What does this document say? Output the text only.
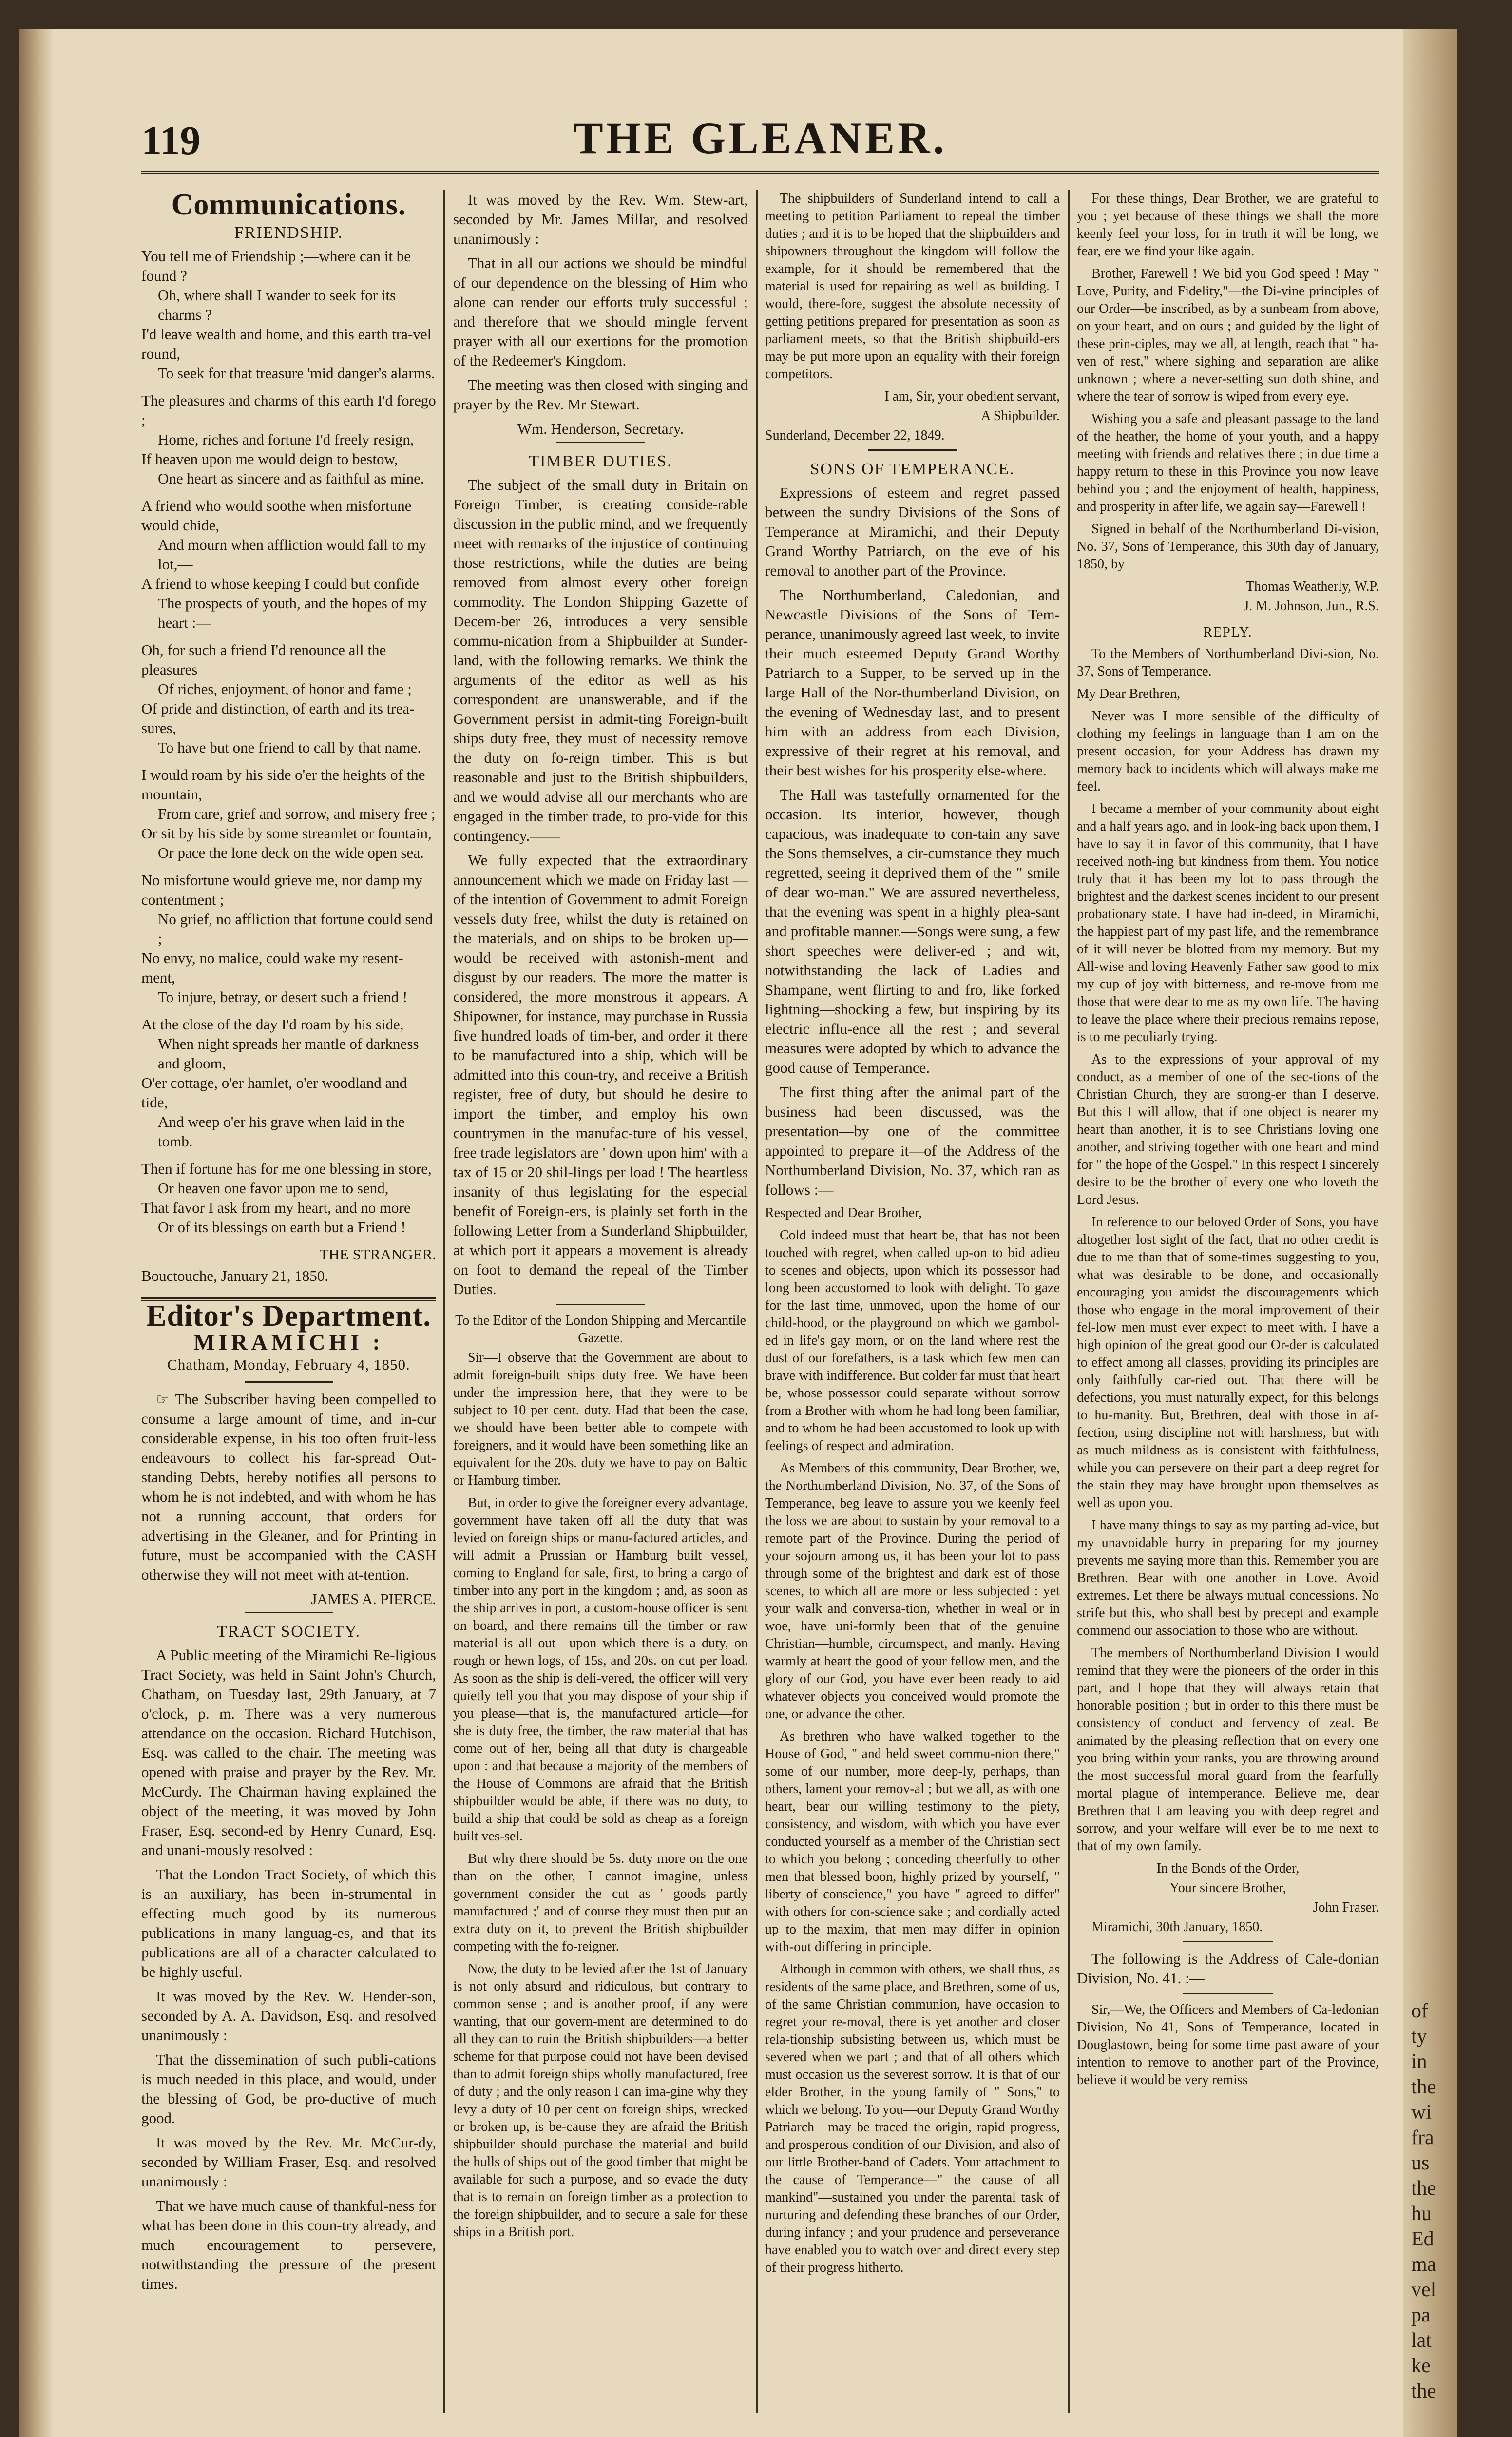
of
ty
in
the
wi
fra
us
the
hu
Ed
ma
vel
pa
lat
ke
the
119	THE GLEANER.
Communications.
FRIENDSHIP.

You tell me of Friendship ;—where can it be found ?

Oh, where shall I wander to seek for its charms ?

I'd leave wealth and home, and this earth tra-vel round,

To seek for that treasure 'mid danger's alarms.

The pleasures and charms of this earth I'd forego ;

Home, riches and fortune I'd freely resign,

If heaven upon me would deign to bestow,

One heart as sincere and as faithful as mine.

A friend who would soothe when misfortune would chide,

And mourn when affliction would fall to my lot,—

A friend to whose keeping I could but confide

The prospects of youth, and the hopes of my heart :—

Oh, for such a friend I'd renounce all the pleasures

Of riches, enjoyment, of honor and fame ;

Of pride and distinction, of earth and its trea-sures,

To have but one friend to call by that name.

I would roam by his side o'er the heights of the mountain,

From care, grief and sorrow, and misery free ;

Or sit by his side by some streamlet or fountain,

Or pace the lone deck on the wide open sea.

No misfortune would grieve me, nor damp my contentment ;

No grief, no affliction that fortune could send ;

No envy, no malice, could wake my resent-ment,

To injure, betray, or desert such a friend !

At the close of the day I'd roam by his side,

When night spreads her mantle of darkness and gloom,

O'er cottage, o'er hamlet, o'er woodland and tide,

And weep o'er his grave when laid in the tomb.

Then if fortune has for me one blessing in store,

Or heaven one favor upon me to send,

That favor I ask from my heart, and no more

Or of its blessings on earth but a Friend !

THE STRANGER.

Bouctouche, January 21, 1850.

Editor's Department.
MIRAMICHI :
Chatham, Monday, February 4, 1850.

☞ The Subscriber having been compelled to consume a large amount of time, and in-cur considerable expense, in his too often fruit-less endeavours to collect his far-spread Out-standing Debts, hereby notifies all persons to whom he is not indebted, and with whom he has not a running account, that orders for advertising in the Gleaner, and for Printing in future, must be accompanied with the CASH otherwise they will not meet with at-tention.

JAMES A. PIERCE.

TRACT SOCIETY.

A Public meeting of the Miramichi Re-ligious Tract Society, was held in Saint John's Church, Chatham, on Tuesday last, 29th January, at 7 o'clock, p. m. There was a very numerous attendance on the occasion. Richard Hutchison, Esq. was called to the chair. The meeting was opened with praise and prayer by the Rev. Mr. McCurdy. The Chairman having explained the object of the meeting, it was moved by John Fraser, Esq. second-ed by Henry Cunard, Esq. and unani-mously resolved :

That the London Tract Society, of which this is an auxiliary, has been in-strumental in effecting much good by its numerous publications in many languag-es, and that its publications are all of a character calculated to be highly useful.

It was moved by the Rev. W. Hender-son, seconded by A. A. Davidson, Esq. and resolved unanimously :

That the dissemination of such publi-cations is much needed in this place, and would, under the blessing of God, be pro-ductive of much good.

It was moved by the Rev. Mr. McCur-dy, seconded by William Fraser, Esq. and resolved unanimously :

That we have much cause of thankful-ness for what has been done in this coun-try already, and much encouragement to persevere, notwithstanding the pressure of the present times.

It was moved by the Rev. Wm. Stew-art, seconded by Mr. James Millar, and resolved unanimously :

That in all our actions we should be mindful of our dependence on the blessing of Him who alone can render our efforts truly successful ; and therefore that we should mingle fervent prayer with all our exertions for the promotion of the Redeemer's Kingdom.

The meeting was then closed with singing and prayer by the Rev. Mr Stewart.

Wm. Henderson, Secretary.

TIMBER DUTIES.

The subject of the small duty in Britain on Foreign Timber, is creating conside-rable discussion in the public mind, and we frequently meet with remarks of the injustice of continuing those restrictions, while the duties are being removed from almost every other foreign commodity. The London Shipping Gazette of Decem-ber 26, introduces a very sensible commu-nication from a Shipbuilder at Sunder-land, with the following remarks. We think the arguments of the editor as well as his correspondent are unanswerable, and if the Government persist in admit-ting Foreign-built ships duty free, they must of necessity remove the duty on fo-reign timber. This is but reasonable and just to the British shipbuilders, and we would advise all our merchants who are engaged in the timber trade, to pro-vide for this contingency.——

We fully expected that the extraordinary announcement which we made on Friday last —of the intention of Government to admit Foreign vessels duty free, whilst the duty is retained on the materials, and on ships to be broken up—would be received with astonish-ment and disgust by our readers. The more the matter is considered, the more monstrous it appears. A Shipowner, for instance, may purchase in Russia five hundred loads of tim-ber, and order it there to be manufactured into a ship, which will be admitted into this coun-try, and receive a British register, free of duty, but should he desire to import the timber, and employ his own countrymen in the manufac-ture of his vessel, free trade legislators are ' down upon him' with a tax of 15 or 20 shil-lings per load ! The heartless insanity of thus legislating for the especial benefit of Foreign-ers, is plainly set forth in the following Letter from a Sunderland Shipbuilder, at which port it appears a movement is already on foot to demand the repeal of the Timber Duties.

To the Editor of the London Shipping and Mercantile Gazette.

Sir—I observe that the Government are about to admit foreign-built ships duty free. We have been under the impression here, that they were to be subject to 10 per cent. duty. Had that been the case, we should have been better able to compete with foreigners, and it would have been something like an equivalent for the 20s. duty we have to pay on Baltic or Hamburg timber.

But, in order to give the foreigner every advantage, government have taken off all the duty that was levied on foreign ships or manu-factured articles, and will admit a Prussian or Hamburg built vessel, coming to England for sale, first, to bring a cargo of timber into any port in the kingdom ; and, as soon as the ship arrives in port, a custom-house officer is sent on board, and there remains till the timber or raw material is all out—upon which there is a duty, on rough or hewn logs, of 15s, and 20s. on cut per load. As soon as the ship is deli-vered, the officer will very quietly tell you that you may dispose of your ship if you please—that is, the manufactured article—for she is duty free, the timber, the raw material that has come out of her, being all that duty is chargeable upon : and that because a majority of the members of the House of Commons are afraid that the British shipbuilder would be able, if there was no duty, to build a ship that could be sold as cheap as a foreign built ves-sel.

But why there should be 5s. duty more on the one than on the other, I cannot imagine, unless government consider the cut as ' goods partly manufactured ;' and of course they must then put an extra duty on it, to prevent the British shipbuilder competing with the fo-reigner.

Now, the duty to be levied after the 1st of January is not only absurd and ridiculous, but contrary to common sense ; and is another proof, if any were wanting, that our govern-ment are determined to do all they can to ruin the British shipbuilders—a better scheme for that purpose could not have been devised than to admit foreign ships wholly manufactured, free of duty ; and the only reason I can ima-gine why they levy a duty of 10 per cent on foreign ships, wrecked or broken up, is be-cause they are afraid the British shipbuilder should purchase the material and build the hulls of ships out of the good timber that might be available for such a purpose, and so evade the duty that is to remain on foreign timber as a protection to the foreign shipbuilder, and to secure a sale for these ships in a British port.

The shipbuilders of Sunderland intend to call a meeting to petition Parliament to repeal the timber duties ; and it is to be hoped that the shipbuilders and shipowners throughout the kingdom will follow the example, for it should be remembered that the material is used for repairing as well as building. I would, there-fore, suggest the absolute necessity of getting petitions prepared for presentation as soon as parliament meets, so that the British shipbuild-ers may be put more upon an equality with their foreign competitors.

I am, Sir, your obedient servant,

A Shipbuilder.

Sunderland, December 22, 1849.

SONS OF TEMPERANCE.

Expressions of esteem and regret passed between the sundry Divisions of the Sons of Temperance at Miramichi, and their Deputy Grand Worthy Patriarch, on the eve of his removal to another part of the Province.

The Northumberland, Caledonian, and Newcastle Divisions of the Sons of Tem-perance, unanimously agreed last week, to invite their much esteemed Deputy Grand Worthy Patriarch to a Supper, to be served up in the large Hall of the Nor-thumberland Division, on the evening of Wednesday last, and to present him with an address from each Division, expressive of their regret at his removal, and their best wishes for his prosperity else-where.

The Hall was tastefully ornamented for the occasion. Its interior, however, though capacious, was inadequate to con-tain any save the Sons themselves, a cir-cumstance they much regretted, seeing it deprived them of the " smile of dear wo-man." We are assured nevertheless, that the evening was spent in a highly plea-sant and profitable manner.—Songs were sung, a few short speeches were deliver-ed ; and wit, notwithstanding the lack of Ladies and Shampane, went flirting to and fro, like forked lightning—shocking a few, but inspiring by its electric influ-ence all the rest ; and several measures were adopted by which to advance the good cause of Temperance.

The first thing after the animal part of the business had been discussed, was the presentation—by one of the committee appointed to prepare it—of the Address of the Northumberland Division, No. 37, which ran as follows :—

Respected and Dear Brother,

Cold indeed must that heart be, that has not been touched with regret, when called up-on to bid adieu to scenes and objects, upon which its possessor had long been accustomed to look with delight. To gaze for the last time, unmoved, upon the home of our child-hood, or the playground on which we gambol-ed in life's gay morn, or on the land where rest the dust of our forefathers, is a task which few men can brave with indifference. But colder far must that heart be, whose possessor could separate without sorrow from a Brother with whom he had long been familiar, and to whom he had been accustomed to look up with feelings of respect and admiration.

As Members of this community, Dear Brother, we, the Northumberland Division, No. 37, of the Sons of Temperance, beg leave to assure you we keenly feel the loss we are about to sustain by your removal to a remote part of the Province. During the period of your sojourn among us, it has been your lot to pass through some of the brightest and dark est of those scenes, to which all are more or less subjected : yet your walk and conversa-tion, whether in weal or in woe, have uni-formly been that of the genuine Christian—humble, circumspect, and manly. Having warmly at heart the good of your fellow men, and the glory of our God, you have ever been ready to aid whatever objects you conceived would promote the one, or advance the other.

As brethren who have walked together to the House of God, " and held sweet commu-nion there," some of our number, more deep-ly, perhaps, than others, lament your remov-al ; but we all, as with one heart, bear our willing testimony to the piety, consistency, and wisdom, with which you have ever conducted yourself as a member of the Christian sect to which you belong ; conceding cheerfully to other men that blessed boon, highly prized by yourself, " liberty of conscience," you have " agreed to differ" with others for con-science sake ; and cordially acted up to the maxim, that men may differ in opinion with-out differing in principle.

Although in common with others, we shall thus, as residents of the same place, and Brethren, some of us, of the same Christian communion, have occasion to regret your re-moval, there is yet another and closer rela-tionship subsisting between us, which must be severed when we part ; and that of all others which must occasion us the severest sorrow. It is that of our elder Brother, in the young family of " Sons," to which we belong. To you—our Deputy Grand Worthy Patriarch—may be traced the origin, rapid progress, and prosperous condition of our Division, and also of our little Brother-band of Cadets. Your attachment to the cause of Temperance—" the cause of all mankind"—sustained you under the parental task of nurturing and defending these branches of our Order, during infancy ; and your prudence and perseverance have enabled you to watch over and direct every step of their progress hitherto.

For these things, Dear Brother, we are grateful to you ; yet because of these things we shall the more keenly feel your loss, for in truth it will be long, we fear, ere we find your like again.

Brother, Farewell ! We bid you God speed ! May " Love, Purity, and Fidelity,"—the Di-vine principles of our Order—be inscribed, as by a sunbeam from above, on your heart, and on ours ; and guided by the light of these prin-ciples, may we all, at length, reach that " ha-ven of rest," where sighing and separation are alike unknown ; where a never-setting sun doth shine, and where the tear of sorrow is wiped from every eye.

Wishing you a safe and pleasant passage to the land of the heather, the home of your youth, and a happy meeting with friends and relatives there ; in due time a happy return to these in this Province you now leave behind you ; and the enjoyment of health, happiness, and prosperity in after life, we again say—Farewell !

Signed in behalf of the Northumberland Di-vision, No. 37, Sons of Temperance, this 30th day of January, 1850, by

Thomas Weatherly, W.P.

J. M. Johnson, Jun., R.S.

REPLY.

To the Members of Northumberland Divi-sion, No. 37, Sons of Temperance.

My Dear Brethren,

Never was I more sensible of the difficulty of clothing my feelings in language than I am on the present occasion, for your Address has drawn my memory back to incidents which will always make me feel.

I became a member of your community about eight and a half years ago, and in look-ing back upon them, I have to say it in favor of this community, that I have received noth-ing but kindness from them. You notice truly that it has been my lot to pass through the brightest and the darkest scenes incident to our present probationary state. I have had in-deed, in Miramichi, the happiest part of my past life, and the remembrance of it will never be blotted from my memory. But my All-wise and loving Heavenly Father saw good to mix my cup of joy with bitterness, and re-move from me those that were dear to me as my own life. The having to leave the place where their precious remains repose, is to me peculiarly trying.

As to the expressions of your approval of my conduct, as a member of one of the sec-tions of the Christian Church, they are strong-er than I deserve. But this I will allow, that if one object is nearer my heart than another, it is to see Christians loving one another, and striving together with one heart and mind for " the hope of the Gospel." In this respect I sincerely desire to be the brother of every one who loveth the Lord Jesus.

In reference to our beloved Order of Sons, you have altogether lost sight of the fact, that no other credit is due to me than that of some-times suggesting to you, what was desirable to be done, and occasionally encouraging you amidst the discouragements which those who engage in the moral improvement of their fel-low men must ever expect to meet with. I have a high opinion of the great good our Or-der is calculated to effect among all classes, providing its principles are only faithfully car-ried out. That there will be defections, you must naturally expect, for this belongs to hu-manity. But, Brethren, deal with those in af-fection, using discipline not with harshness, but with as much mildness as is consistent with faithfulness, while you can persevere on their part a deep regret for the stain they may have brought upon themselves as well as upon you.

I have many things to say as my parting ad-vice, but my unavoidable hurry in preparing for my journey prevents me saying more than this. Remember you are Brethren. Bear with one another in Love. Avoid extremes. Let there be always mutual concessions. No strife but this, who shall best by precept and example commend our association to those who are without.

The members of Northumberland Division I would remind that they were the pioneers of the order in this part, and I hope that they will always retain that honorable position ; but in order to this there must be consistency of conduct and fervency of zeal. Be animated by the pleasing reflection that on every one you bring within your ranks, you are throwing around the most successful moral guard from the fearfully mortal plague of intemperance. Believe me, dear Brethren that I am leaving you with deep regret and sorrow, and your welfare will ever be to me next to that of my own family.

In the Bonds of the Order,

Your sincere Brother,

John Fraser.

Miramichi, 30th January, 1850.

The following is the Address of Cale-donian Division, No. 41. :—

Sir,—We, the Officers and Members of Ca-ledonian Division, No 41, Sons of Temperance, located in Douglastown, being for some time past aware of your intention to remove to another part of the Province, believe it would be very remiss
